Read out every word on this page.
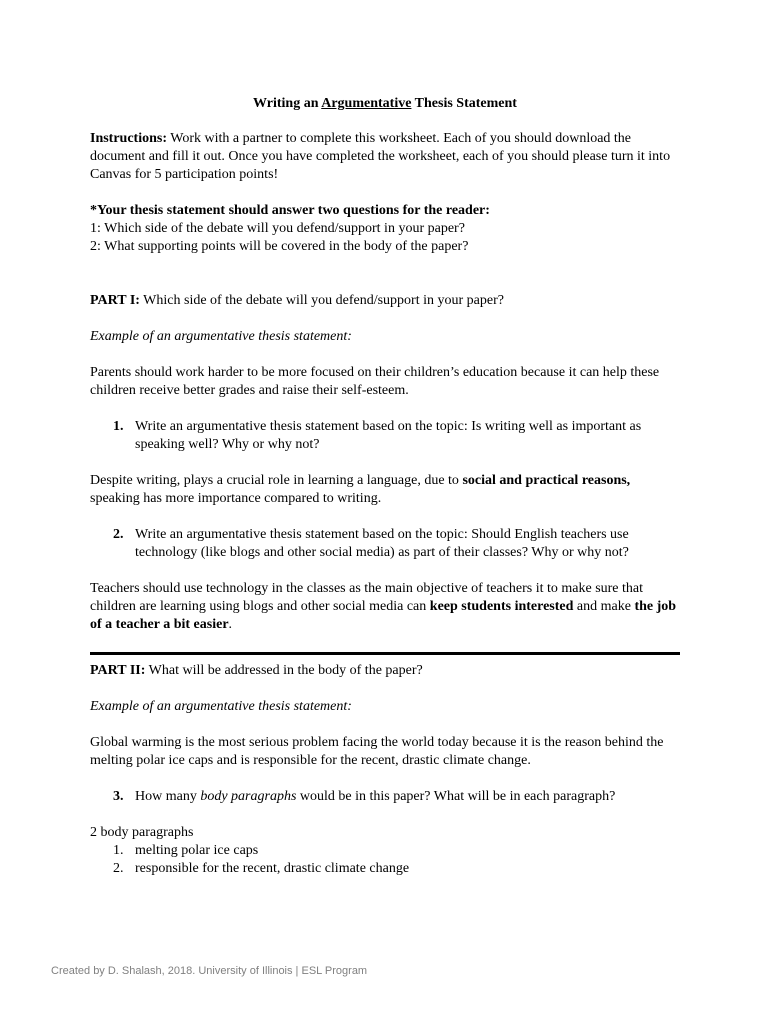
Writing an Argumentative Thesis Statement

Instructions: Work with a partner to complete this worksheet. Each of you should download the document and fill it out. Once you have completed the worksheet, each of you should please turn it into Canvas for 5 participation points!

*Your thesis statement should answer two questions for the reader:

1: Which side of the debate will you defend/support in your paper?

2: What supporting points will be covered in the body of the paper?

PART I: Which side of the debate will you defend/support in your paper?

Example of an argumentative thesis statement:

Parents should work harder to be more focused on their children’s education because it can help these children receive better grades and raise their self-esteem.

1. Write an argumentative thesis statement based on the topic: Is writing well as important as speaking well? Why or why not?

Despite writing, plays a crucial role in learning a language, due to social and practical reasons, speaking has more importance compared to writing.

2. Write an argumentative thesis statement based on the topic: Should English teachers use technology (like blogs and other social media) as part of their classes? Why or why not?

Teachers should use technology in the classes as the main objective of teachers it to make sure that children are learning using blogs and other social media can keep students interested and make the job of a teacher a bit easier.

PART II: What will be addressed in the body of the paper?

Example of an argumentative thesis statement:

Global warming is the most serious problem facing the world today because it is the reason behind the melting polar ice caps and is responsible for the recent, drastic climate change.

3. How many body paragraphs would be in this paper? What will be in each paragraph?

2 body paragraphs

1. melting polar ice caps
2. responsible for the recent, drastic climate change
Created by D. Shalash, 2018. University of Illinois | ESL Program
